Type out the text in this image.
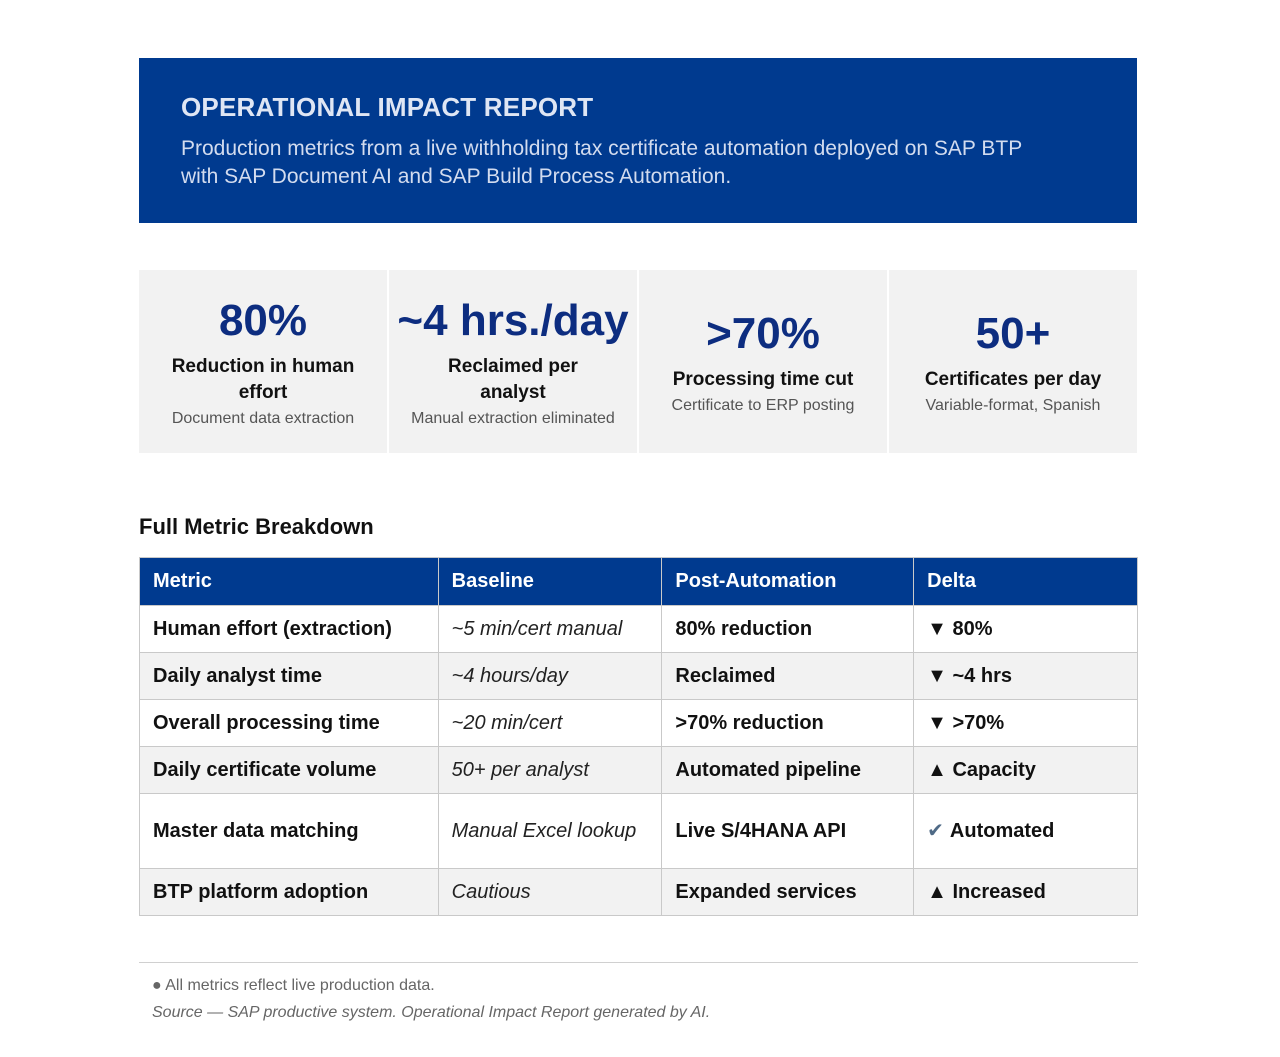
OPERATIONAL IMPACT REPORT
Production metrics from a live withholding tax certificate automation deployed on SAP BTP with SAP Document AI and SAP Build Process Automation.
80%
Reduction in human effort
Document data extraction
~4 hrs./day
Reclaimed per analyst
Manual extraction eliminated
>70%
Processing time cut
Certificate to ERP posting
50+
Certificates per day
Variable-format, Spanish
Full Metric Breakdown
Metric	Baseline	Post-Automation	Delta
Human effort (extraction)	~5 min/cert manual	80% reduction	▼ 80%
Daily analyst time	~4 hours/day	Reclaimed	▼ ~4 hrs
Overall processing time	~20 min/cert	>70% reduction	▼ >70%
Daily certificate volume	50+ per analyst	Automated pipeline	▲ Capacity
Master data matching	Manual Excel lookup	Live S/4HANA API	✔ Automated
BTP platform adoption	Cautious	Expanded services	▲ Increased
● All metrics reflect live production data.
Source — SAP productive system. Operational Impact Report generated by AI.
